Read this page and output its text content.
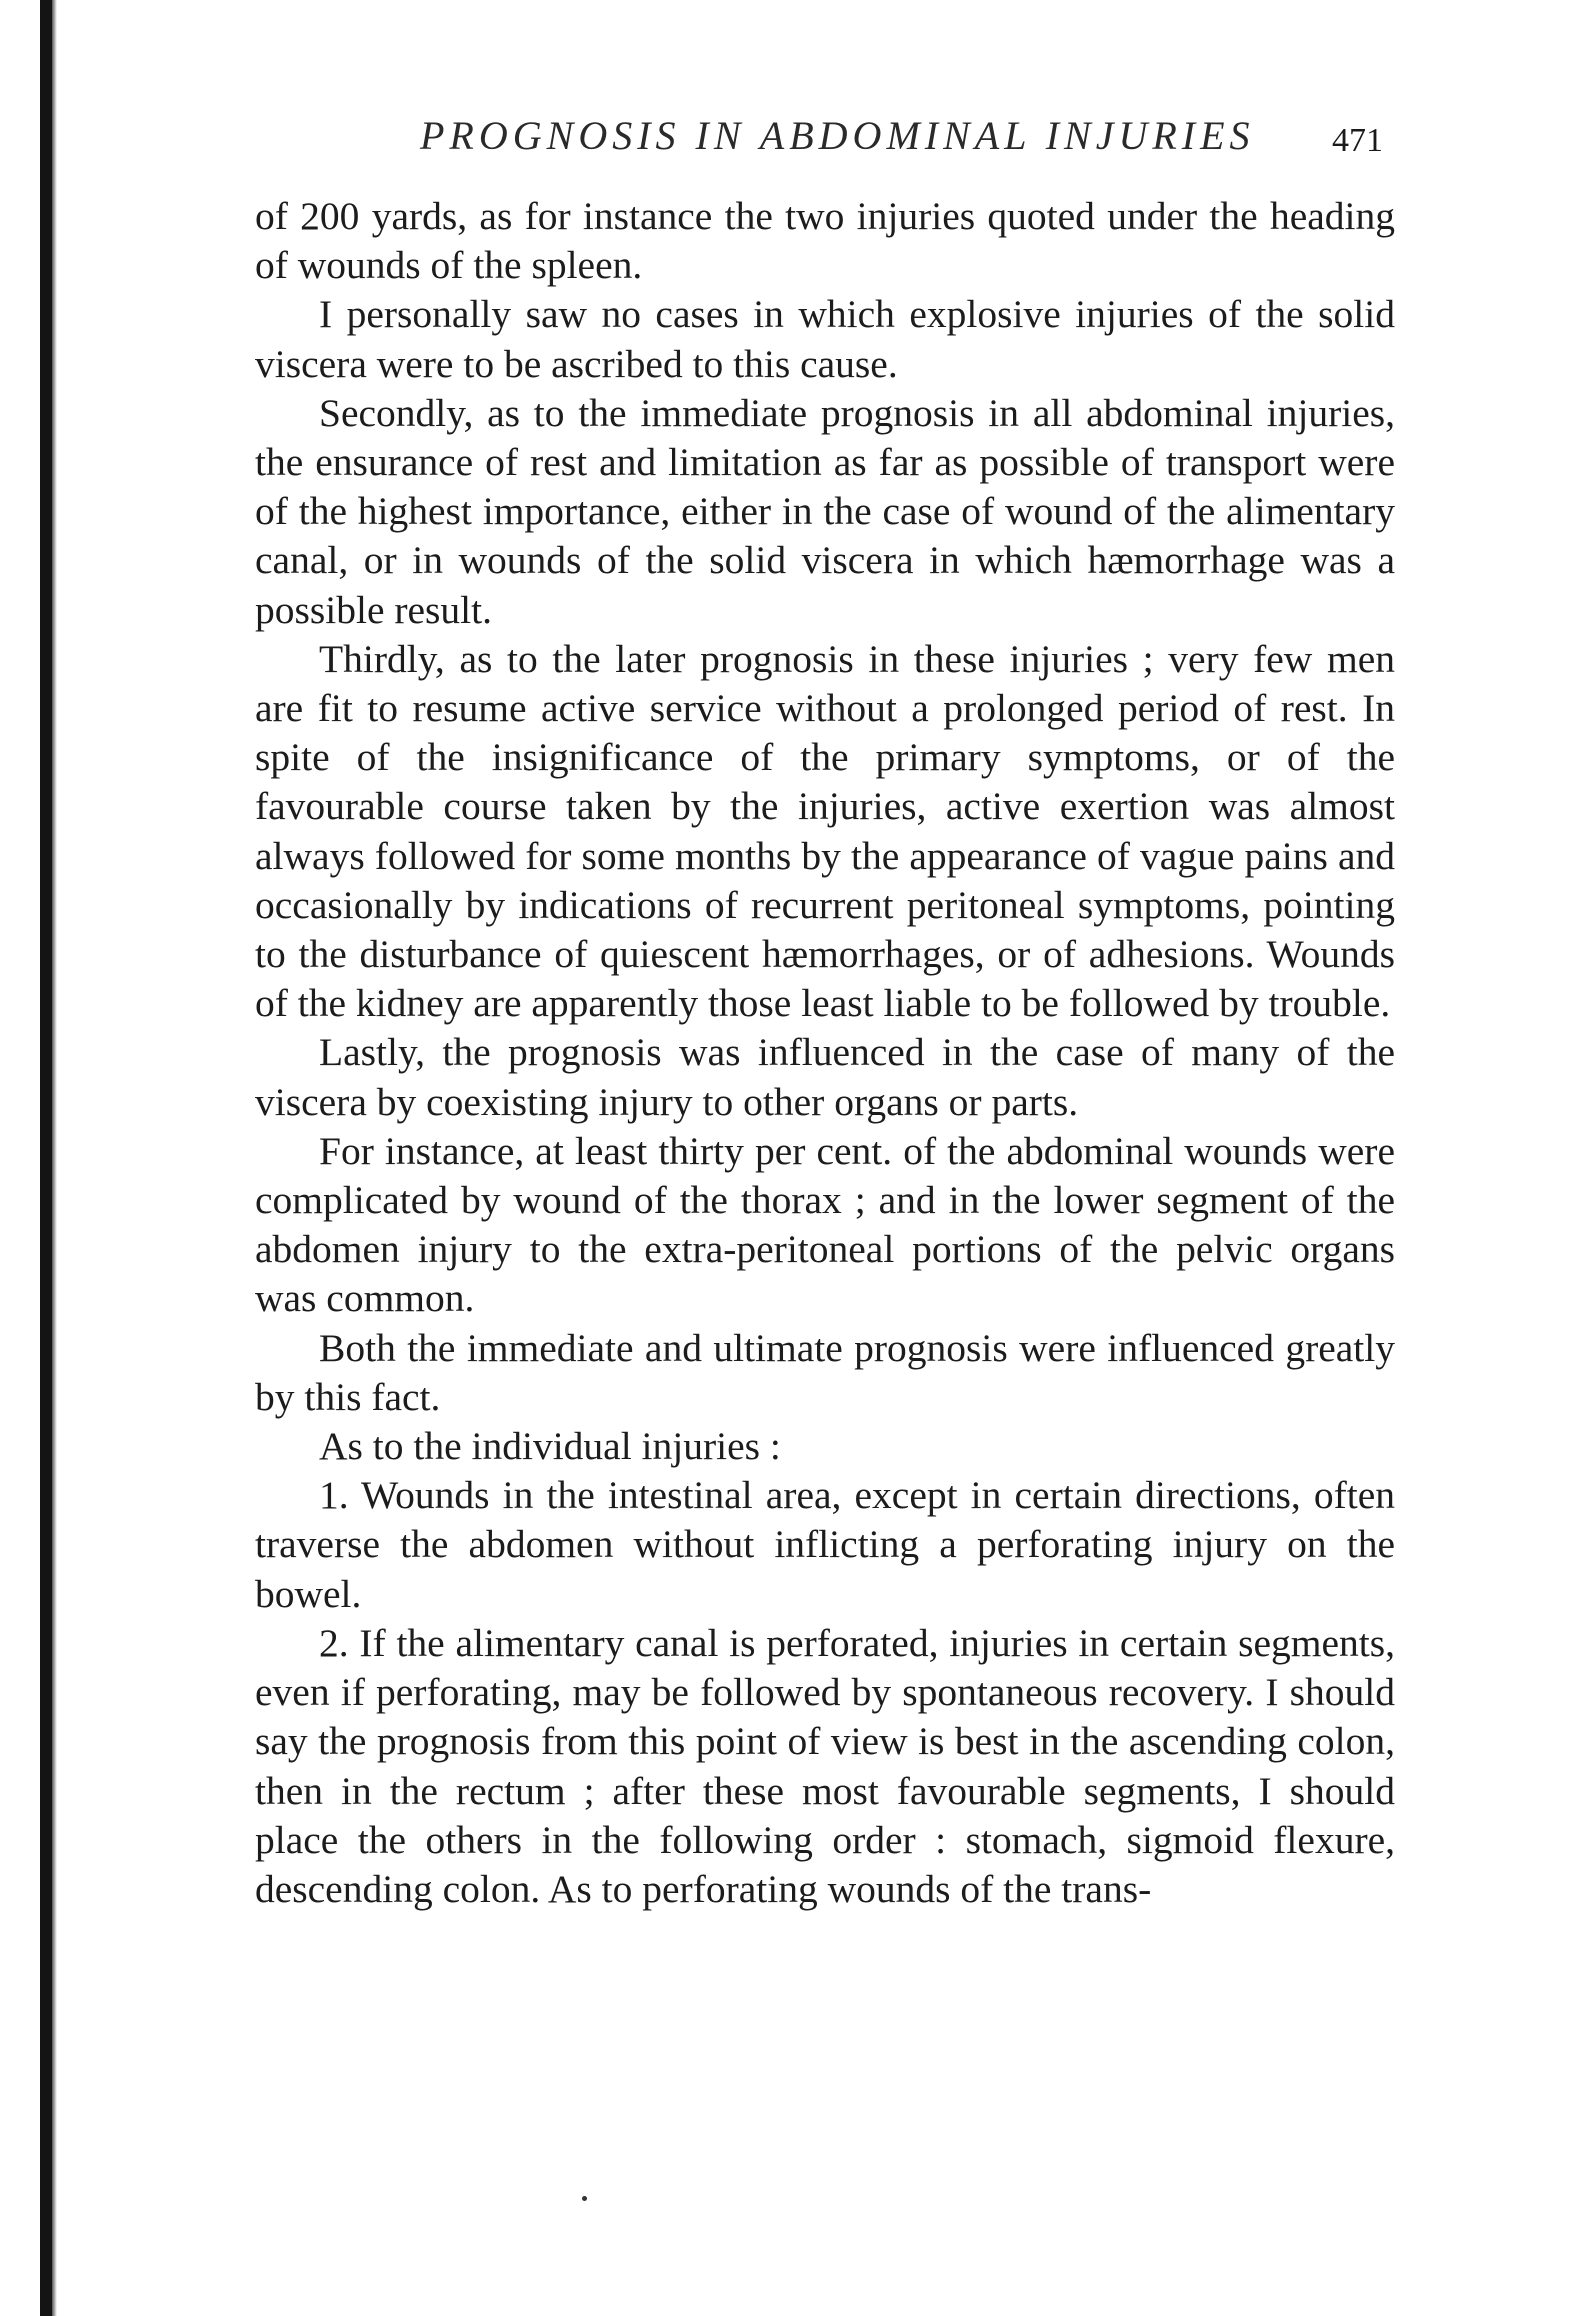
PROGNOSIS IN ABDOMINAL INJURIES 471

of 200 yards, as for instance the two injuries quoted under the heading of wounds of the spleen.

I personally saw no cases in which explosive injuries of the solid viscera were to be ascribed to this cause.

Secondly, as to the immediate prognosis in all abdominal injuries, the ensurance of rest and limitation as far as possible of transport were of the highest importance, either in the case of wound of the alimentary canal, or in wounds of the solid viscera in which hæmorrhage was a possible result.

Thirdly, as to the later prognosis in these injuries ; very few men are fit to resume active service without a prolonged period of rest. In spite of the insignificance of the primary symptoms, or of the favourable course taken by the injuries, active exertion was almost always followed for some months by the appearance of vague pains and occasionally by indications of recurrent peritoneal symptoms, pointing to the disturbance of quiescent hæmorrhages, or of adhesions. Wounds of the kidney are apparently those least liable to be followed by trouble.

Lastly, the prognosis was influenced in the case of many of the viscera by coexisting injury to other organs or parts.

For instance, at least thirty per cent. of the abdominal wounds were complicated by wound of the thorax ; and in the lower segment of the abdomen injury to the extra-peritoneal portions of the pelvic organs was common.

Both the immediate and ultimate prognosis were influenced greatly by this fact.

As to the individual injuries :

1. Wounds in the intestinal area, except in certain directions, often traverse the abdomen without inflicting a perforating injury on the bowel.

2. If the alimentary canal is perforated, injuries in certain segments, even if perforating, may be followed by spontaneous recovery. I should say the prognosis from this point of view is best in the ascending colon, then in the rectum ; after these most favourable segments, I should place the others in the following order : stomach, sigmoid flexure, descending colon. As to perforating wounds of the trans-
